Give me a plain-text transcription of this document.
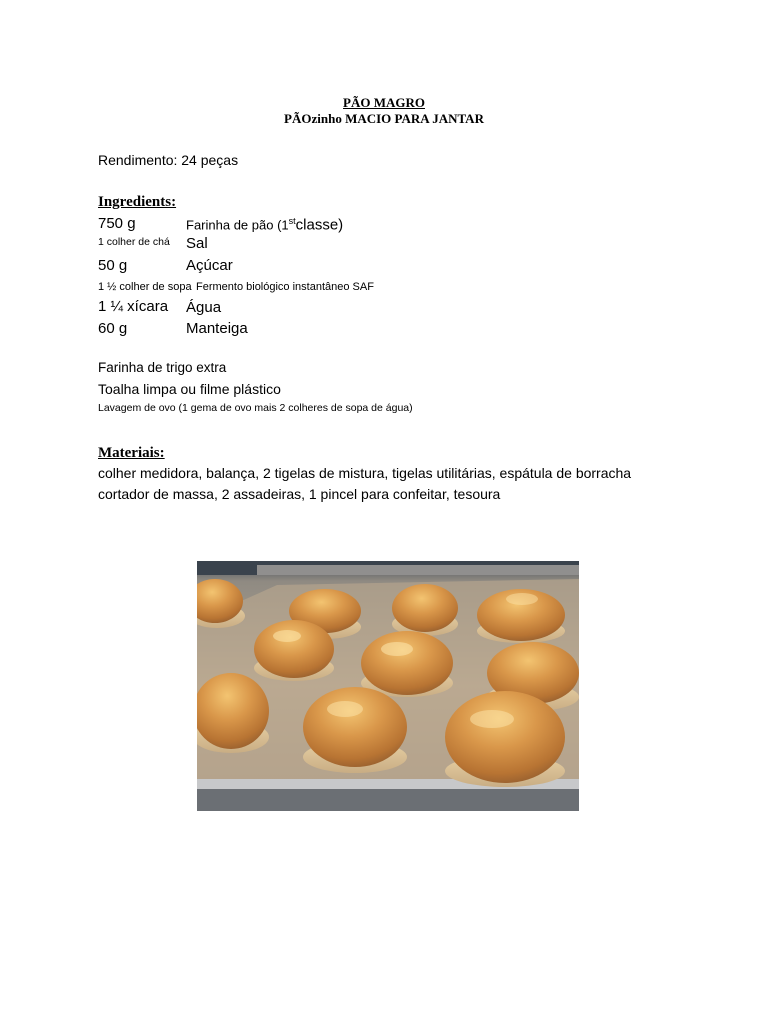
PÃO MAGRO
PÃOzinho MACIO PARA JANTAR
Rendimento: 24 peças
Ingredients:
750 g	Farinha de pão (1stclasse)
1 colher de chá Sal
50 g	Açúcar
1 ½ colher de sopa Fermento biológico instantâneo SAF
1 ¼ xícara Água
60 g	Manteiga
Farinha de trigo extra
Toalha limpa ou filme plástico
Lavagem de ovo (1 gema de ovo mais 2 colheres de sopa de água)
Materiais:
colher medidora, balança, 2 tigelas de mistura, tigelas utilitárias, espátula de borracha
cortador de massa, 2 assadeiras, 1 pincel para confeitar, tesoura
